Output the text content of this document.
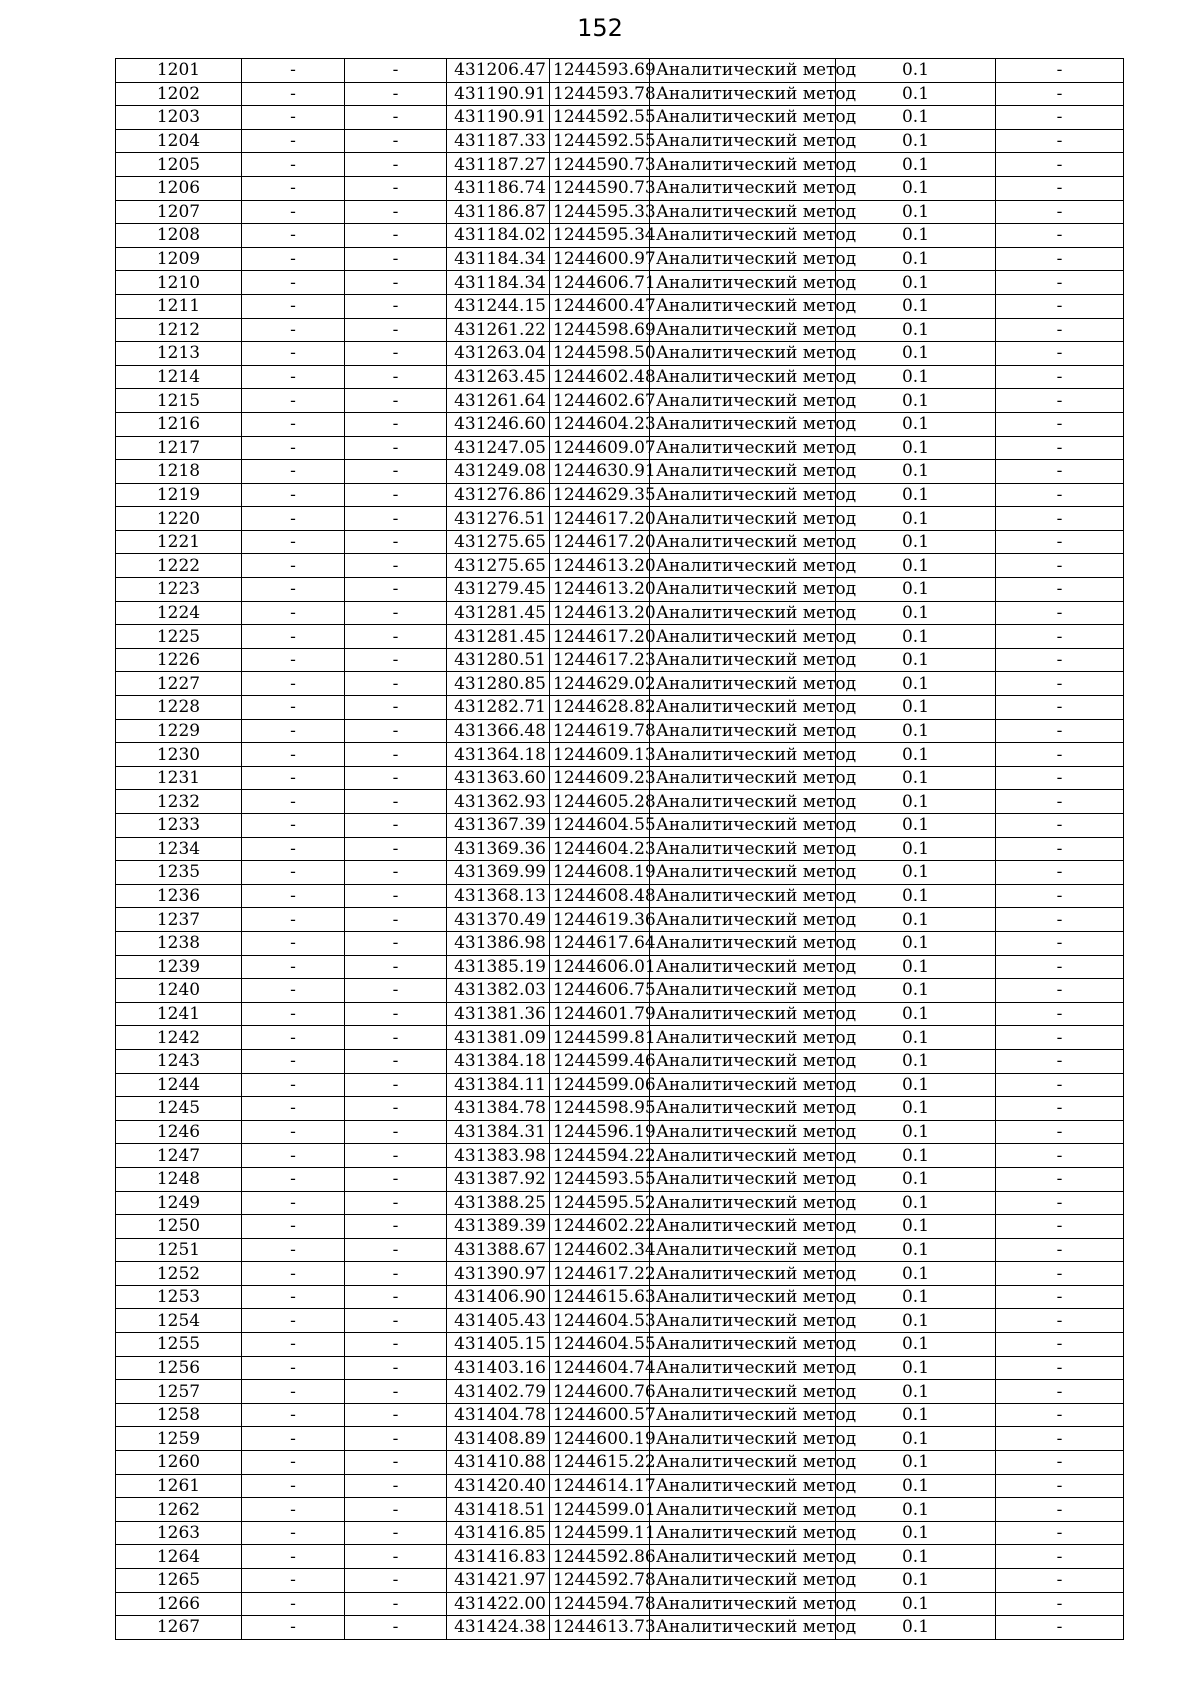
152
1201	-	-	431206.47	1244593.69	Аналитический метод	0.1	-
1202	-	-	431190.91	1244593.78	Аналитический метод	0.1	-
1203	-	-	431190.91	1244592.55	Аналитический метод	0.1	-
1204	-	-	431187.33	1244592.55	Аналитический метод	0.1	-
1205	-	-	431187.27	1244590.73	Аналитический метод	0.1	-
1206	-	-	431186.74	1244590.73	Аналитический метод	0.1	-
1207	-	-	431186.87	1244595.33	Аналитический метод	0.1	-
1208	-	-	431184.02	1244595.34	Аналитический метод	0.1	-
1209	-	-	431184.34	1244600.97	Аналитический метод	0.1	-
1210	-	-	431184.34	1244606.71	Аналитический метод	0.1	-
1211	-	-	431244.15	1244600.47	Аналитический метод	0.1	-
1212	-	-	431261.22	1244598.69	Аналитический метод	0.1	-
1213	-	-	431263.04	1244598.50	Аналитический метод	0.1	-
1214	-	-	431263.45	1244602.48	Аналитический метод	0.1	-
1215	-	-	431261.64	1244602.67	Аналитический метод	0.1	-
1216	-	-	431246.60	1244604.23	Аналитический метод	0.1	-
1217	-	-	431247.05	1244609.07	Аналитический метод	0.1	-
1218	-	-	431249.08	1244630.91	Аналитический метод	0.1	-
1219	-	-	431276.86	1244629.35	Аналитический метод	0.1	-
1220	-	-	431276.51	1244617.20	Аналитический метод	0.1	-
1221	-	-	431275.65	1244617.20	Аналитический метод	0.1	-
1222	-	-	431275.65	1244613.20	Аналитический метод	0.1	-
1223	-	-	431279.45	1244613.20	Аналитический метод	0.1	-
1224	-	-	431281.45	1244613.20	Аналитический метод	0.1	-
1225	-	-	431281.45	1244617.20	Аналитический метод	0.1	-
1226	-	-	431280.51	1244617.23	Аналитический метод	0.1	-
1227	-	-	431280.85	1244629.02	Аналитический метод	0.1	-
1228	-	-	431282.71	1244628.82	Аналитический метод	0.1	-
1229	-	-	431366.48	1244619.78	Аналитический метод	0.1	-
1230	-	-	431364.18	1244609.13	Аналитический метод	0.1	-
1231	-	-	431363.60	1244609.23	Аналитический метод	0.1	-
1232	-	-	431362.93	1244605.28	Аналитический метод	0.1	-
1233	-	-	431367.39	1244604.55	Аналитический метод	0.1	-
1234	-	-	431369.36	1244604.23	Аналитический метод	0.1	-
1235	-	-	431369.99	1244608.19	Аналитический метод	0.1	-
1236	-	-	431368.13	1244608.48	Аналитический метод	0.1	-
1237	-	-	431370.49	1244619.36	Аналитический метод	0.1	-
1238	-	-	431386.98	1244617.64	Аналитический метод	0.1	-
1239	-	-	431385.19	1244606.01	Аналитический метод	0.1	-
1240	-	-	431382.03	1244606.75	Аналитический метод	0.1	-
1241	-	-	431381.36	1244601.79	Аналитический метод	0.1	-
1242	-	-	431381.09	1244599.81	Аналитический метод	0.1	-
1243	-	-	431384.18	1244599.46	Аналитический метод	0.1	-
1244	-	-	431384.11	1244599.06	Аналитический метод	0.1	-
1245	-	-	431384.78	1244598.95	Аналитический метод	0.1	-
1246	-	-	431384.31	1244596.19	Аналитический метод	0.1	-
1247	-	-	431383.98	1244594.22	Аналитический метод	0.1	-
1248	-	-	431387.92	1244593.55	Аналитический метод	0.1	-
1249	-	-	431388.25	1244595.52	Аналитический метод	0.1	-
1250	-	-	431389.39	1244602.22	Аналитический метод	0.1	-
1251	-	-	431388.67	1244602.34	Аналитический метод	0.1	-
1252	-	-	431390.97	1244617.22	Аналитический метод	0.1	-
1253	-	-	431406.90	1244615.63	Аналитический метод	0.1	-
1254	-	-	431405.43	1244604.53	Аналитический метод	0.1	-
1255	-	-	431405.15	1244604.55	Аналитический метод	0.1	-
1256	-	-	431403.16	1244604.74	Аналитический метод	0.1	-
1257	-	-	431402.79	1244600.76	Аналитический метод	0.1	-
1258	-	-	431404.78	1244600.57	Аналитический метод	0.1	-
1259	-	-	431408.89	1244600.19	Аналитический метод	0.1	-
1260	-	-	431410.88	1244615.22	Аналитический метод	0.1	-
1261	-	-	431420.40	1244614.17	Аналитический метод	0.1	-
1262	-	-	431418.51	1244599.01	Аналитический метод	0.1	-
1263	-	-	431416.85	1244599.11	Аналитический метод	0.1	-
1264	-	-	431416.83	1244592.86	Аналитический метод	0.1	-
1265	-	-	431421.97	1244592.78	Аналитический метод	0.1	-
1266	-	-	431422.00	1244594.78	Аналитический метод	0.1	-
1267	-	-	431424.38	1244613.73	Аналитический метод	0.1	-
